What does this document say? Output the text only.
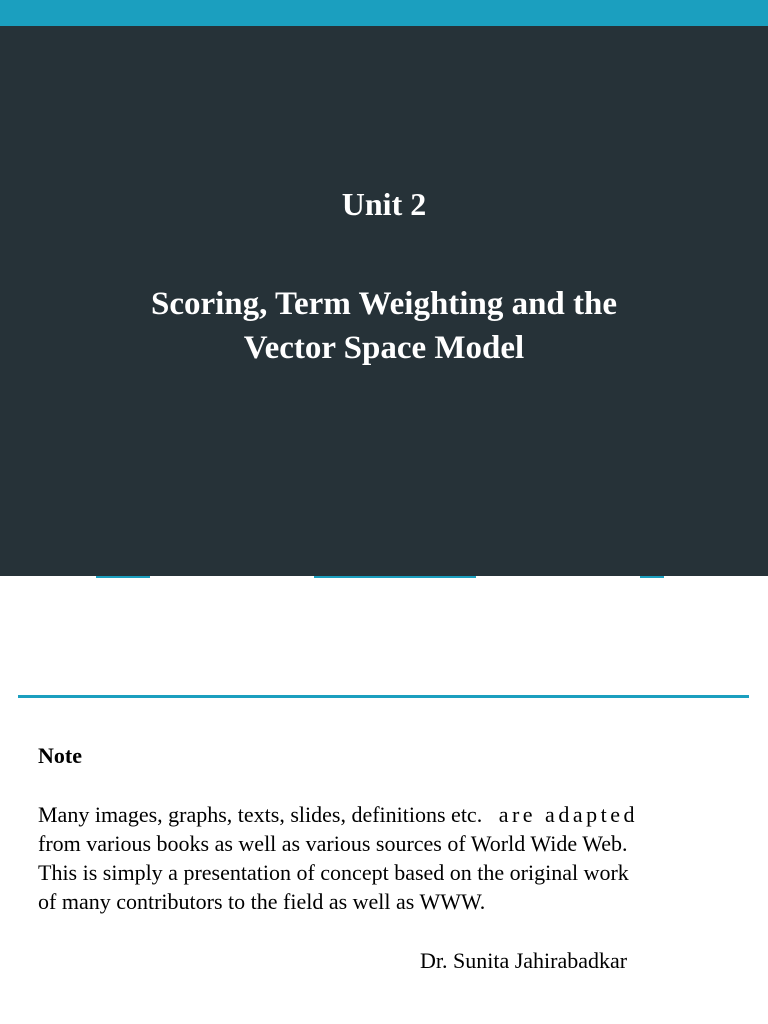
Unit 2
Scoring, Term Weighting and the
Vector Space Model
Note
Many images, graphs, texts, slides, definitions etc. are adapted
from various books as well as various sources of World Wide Web.
This is simply a presentation of concept based on the original work
of many contributors to the field as well as WWW.
Dr. Sunita Jahirabadkar
